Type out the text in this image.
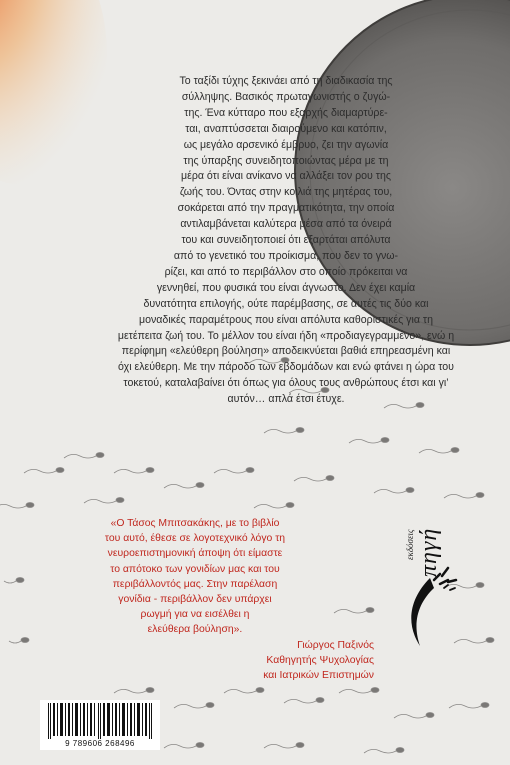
Το ταξίδι τύχης ξεκινάει από τη διαδικασία της
σύλληψης. Βασικός πρωταγωνιστής ο ζυγώ-
της. Ένα κύτταρο που εξαρχής διαμαρτύρε-
ται, αναπτύσσεται διαιρούμενο και κατόπιν,
ως μεγάλο αρσενικό έμβρυο, ζει την αγωνία
της ύπαρξης συνειδητοποιώντας μέρα με τη
μέρα ότι είναι ανίκανο να αλλάξει τον ρου της
ζωής του. Όντας στην κοιλιά της μητέρας του,
σοκάρεται από την πραγματικότητα, την οποία
αντιλαμβάνεται καλύτερα μέσα από τα όνειρά
του και συνειδητοποιεί ότι εξαρτάται απόλυτα
από το γενετικό του προίκισμα, που δεν το γνω-
ρίζει, και από το περιβάλλον στο οποίο πρόκειται να
γεννηθεί, που φυσικά του είναι άγνωστο. Δεν έχει καμία
δυνατότητα επιλογής, ούτε παρέμβασης, σε αυτές τις δύο και
μοναδικές παραμέτρους που είναι απόλυτα καθοριστικές για τη
μετέπειτα ζωή του. Το μέλλον του είναι ήδη «προδιαγεγραμμένο», ενώ η
περίφημη «ελεύθερη βούληση» αποδεικνύεται βαθιά επηρεασμένη και
όχι ελεύθερη. Με την πάροδο των εβδομάδων και ενώ φτάνει η ώρα του
τοκετού, καταλαβαίνει ότι όπως για όλους τους ανθρώπους έτσι και γι’
αυτόν… απλά έτσι έτυχε.
«Ο Τάσος Μπιτσακάκης, με το βιβλίο
του αυτό, έθεσε σε λογοτεχνικό λόγο τη
νευροεπιστημονική άποψη ότι είμαστε
το απότοκο των γονιδίων μας και του
περιβάλλοντός μας. Στην παρέλαση
γονίδια - περιβάλλον δεν υπάρχει
ρωγμή για να εισέλθει η
ελεύθερα βούληση».
Γιώργος Παξινός
Καθηγητής Ψυχολογίας
και Ιατρικών Επιστημών
εκδόσεις πηγή
9 789606 268496
